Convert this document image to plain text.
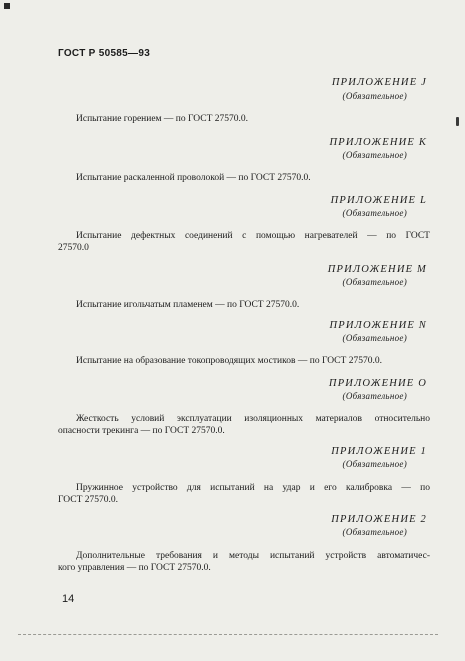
ГОСТ Р 50585—93
ПРИЛОЖЕНИЕ J
(Обязательное)
Испытание горением — по ГОСТ 27570.0.
ПРИЛОЖЕНИЕ К
(Обязательное)
Испытание раскаленной проволокой — по ГОСТ 27570.0.
ПРИЛОЖЕНИЕ L
(Обязательное)
Испытание дефектных соединений с помощью нагревателей — по ГОСТ
27570.0
ПРИЛОЖЕНИЕ М
(Обязательное)
Испытание игольчатым пламенем — по ГОСТ 27570.0.
ПРИЛОЖЕНИЕ N
(Обязательное)
Испытание на образование токопроводящих мостиков — по ГОСТ 27570.0.
ПРИЛОЖЕНИЕ О
(Обязательное)
Жесткость условий эксплуатации изоляционных материалов относительно
опасности трекинга — по ГОСТ 27570.0.
ПРИЛОЖЕНИЕ 1
(Обязательное)
Пружинное устройство для испытаний на удар и его калибровка — по
ГОСТ 27570.0.
ПРИЛОЖЕНИЕ 2
(Обязательное)
Дополнительные требования и методы испытаний устройств автоматичес-
кого управления — по ГОСТ 27570.0.
14
